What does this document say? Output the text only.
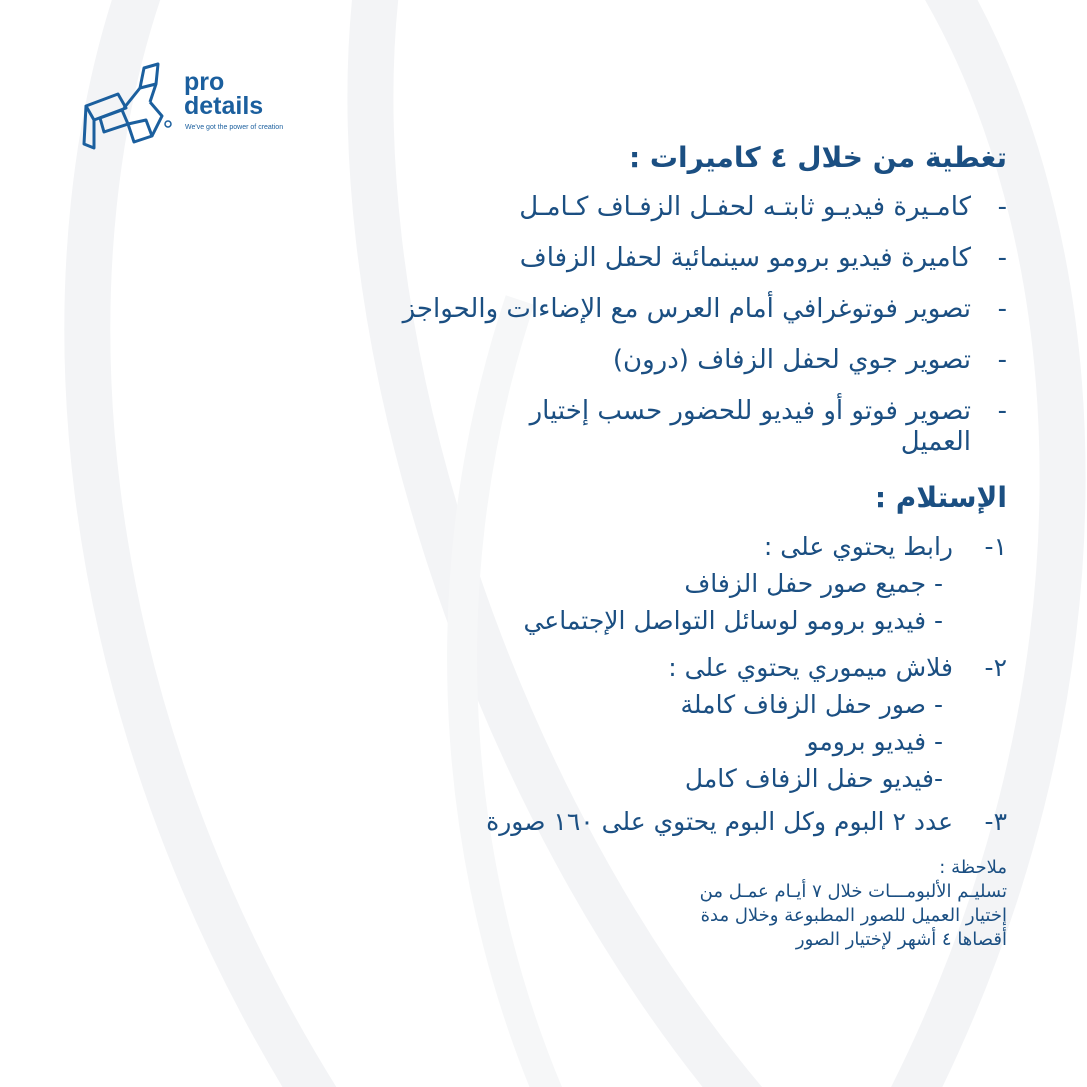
pro
details
We've got the power of creation
تغطية من خلال ٤ كاميرات :
-
كامـيرة فيديـو ثابتـه لحفـل الزفـاف كـامـل
-
كاميرة فيديو برومو سينمائية لحفل الزفاف
-
تصوير فوتوغرافي أمام العرس مع الإضاءات والحواجز
-
تصوير جوي لحفل الزفاف (درون)
-
تصوير فوتو أو فيديو للحضور حسب إختيار العميل
الإستلام :
١-
رابط يحتوي على :
- جميع صور حفل الزفاف
- فيديو برومو لوسائل التواصل الإجتماعي
٢-
فلاش ميموري يحتوي على :
- صور حفل الزفاف كاملة
- فيديو برومو
-فيديو حفل الزفاف كامل
٣-
عدد ٢ البوم وكل البوم يحتوي على ١٦٠ صورة

ملاحظة :

تسليـم الألبومـــات خلال ٧ أيـام عمـل من

إختيار العميل للصور المطبوعة وخلال مدة

أقصاها ٤ أشهر لإختيار الصور
